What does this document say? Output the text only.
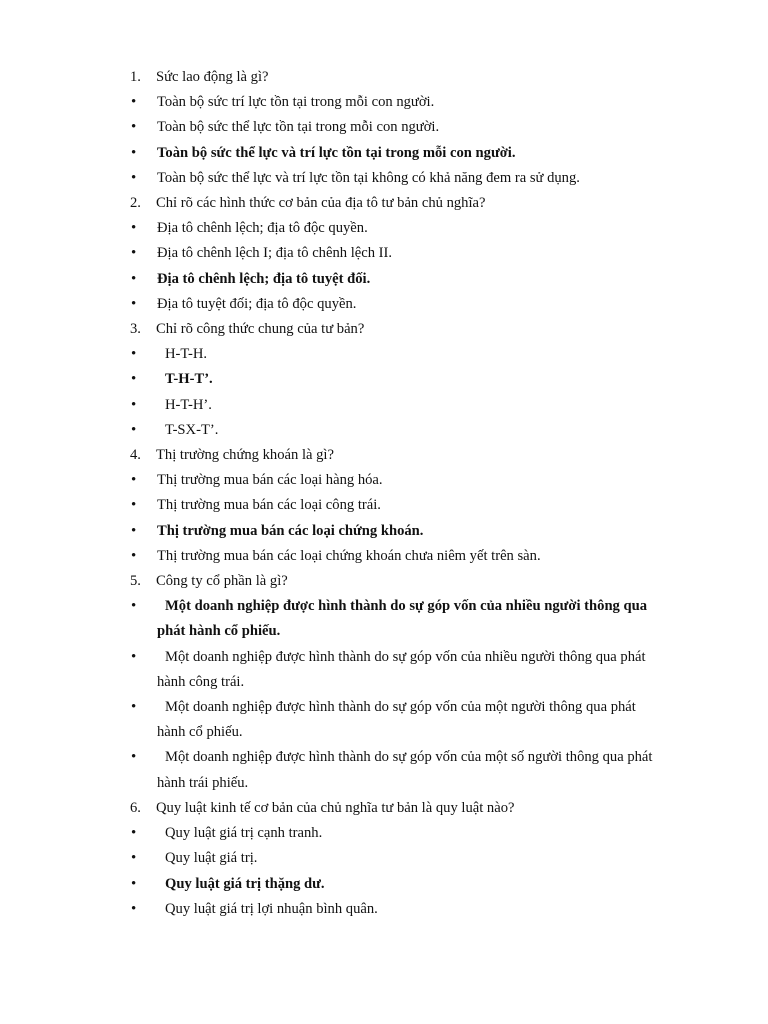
1.	Sức lao động là gì?
•	Toàn bộ sức trí lực tồn tại trong mỗi con người.
•	Toàn bộ sức thể lực tồn tại trong mỗi con người.
•	Toàn bộ sức thể lực và trí lực tồn tại trong mỗi con người.
•	Toàn bộ sức thể lực và trí lực tồn tại không có khả năng đem ra sử dụng.
2.	Chỉ rõ các hình thức cơ bản của địa tô tư bản chủ nghĩa?
•	Địa tô chênh lệch; địa tô độc quyền.
•	Địa tô chênh lệch I; địa tô chênh lệch II.
•	Địa tô chênh lệch; địa tô tuyệt đối.
•	Địa tô tuyệt đối; địa tô độc quyền.
3.	Chỉ rõ công thức chung của tư bản?
•	H-T-H.
•	T-H-T’.
•	H-T-H’.
•	T-SX-T’.
4.	Thị trường chứng khoán là gì?
•	Thị trường mua bán các loại hàng hóa.
•	Thị trường mua bán các loại công trái.
•	Thị trường mua bán các loại chứng khoán.
•	Thị trường mua bán các loại chứng khoán chưa niêm yết trên sàn.
5.	Công ty cổ phần là gì?
•	Một doanh nghiệp được hình thành do sự góp vốn của nhiều người thông qua
phát hành cổ phiếu.
•	Một doanh nghiệp được hình thành do sự góp vốn của nhiều người thông qua phát
hành công trái.
•	Một doanh nghiệp được hình thành do sự góp vốn của một người thông qua phát
hành cổ phiếu.
•	Một doanh nghiệp được hình thành do sự góp vốn của một số người thông qua phát
hành trái phiếu.
6.	Quy luật kinh tế cơ bản của chủ nghĩa tư bản là quy luật nào?
•	Quy luật giá trị cạnh tranh.
•	Quy luật giá trị.
•	Quy luật giá trị thặng dư.
•	Quy luật giá trị lợi nhuận bình quân.
